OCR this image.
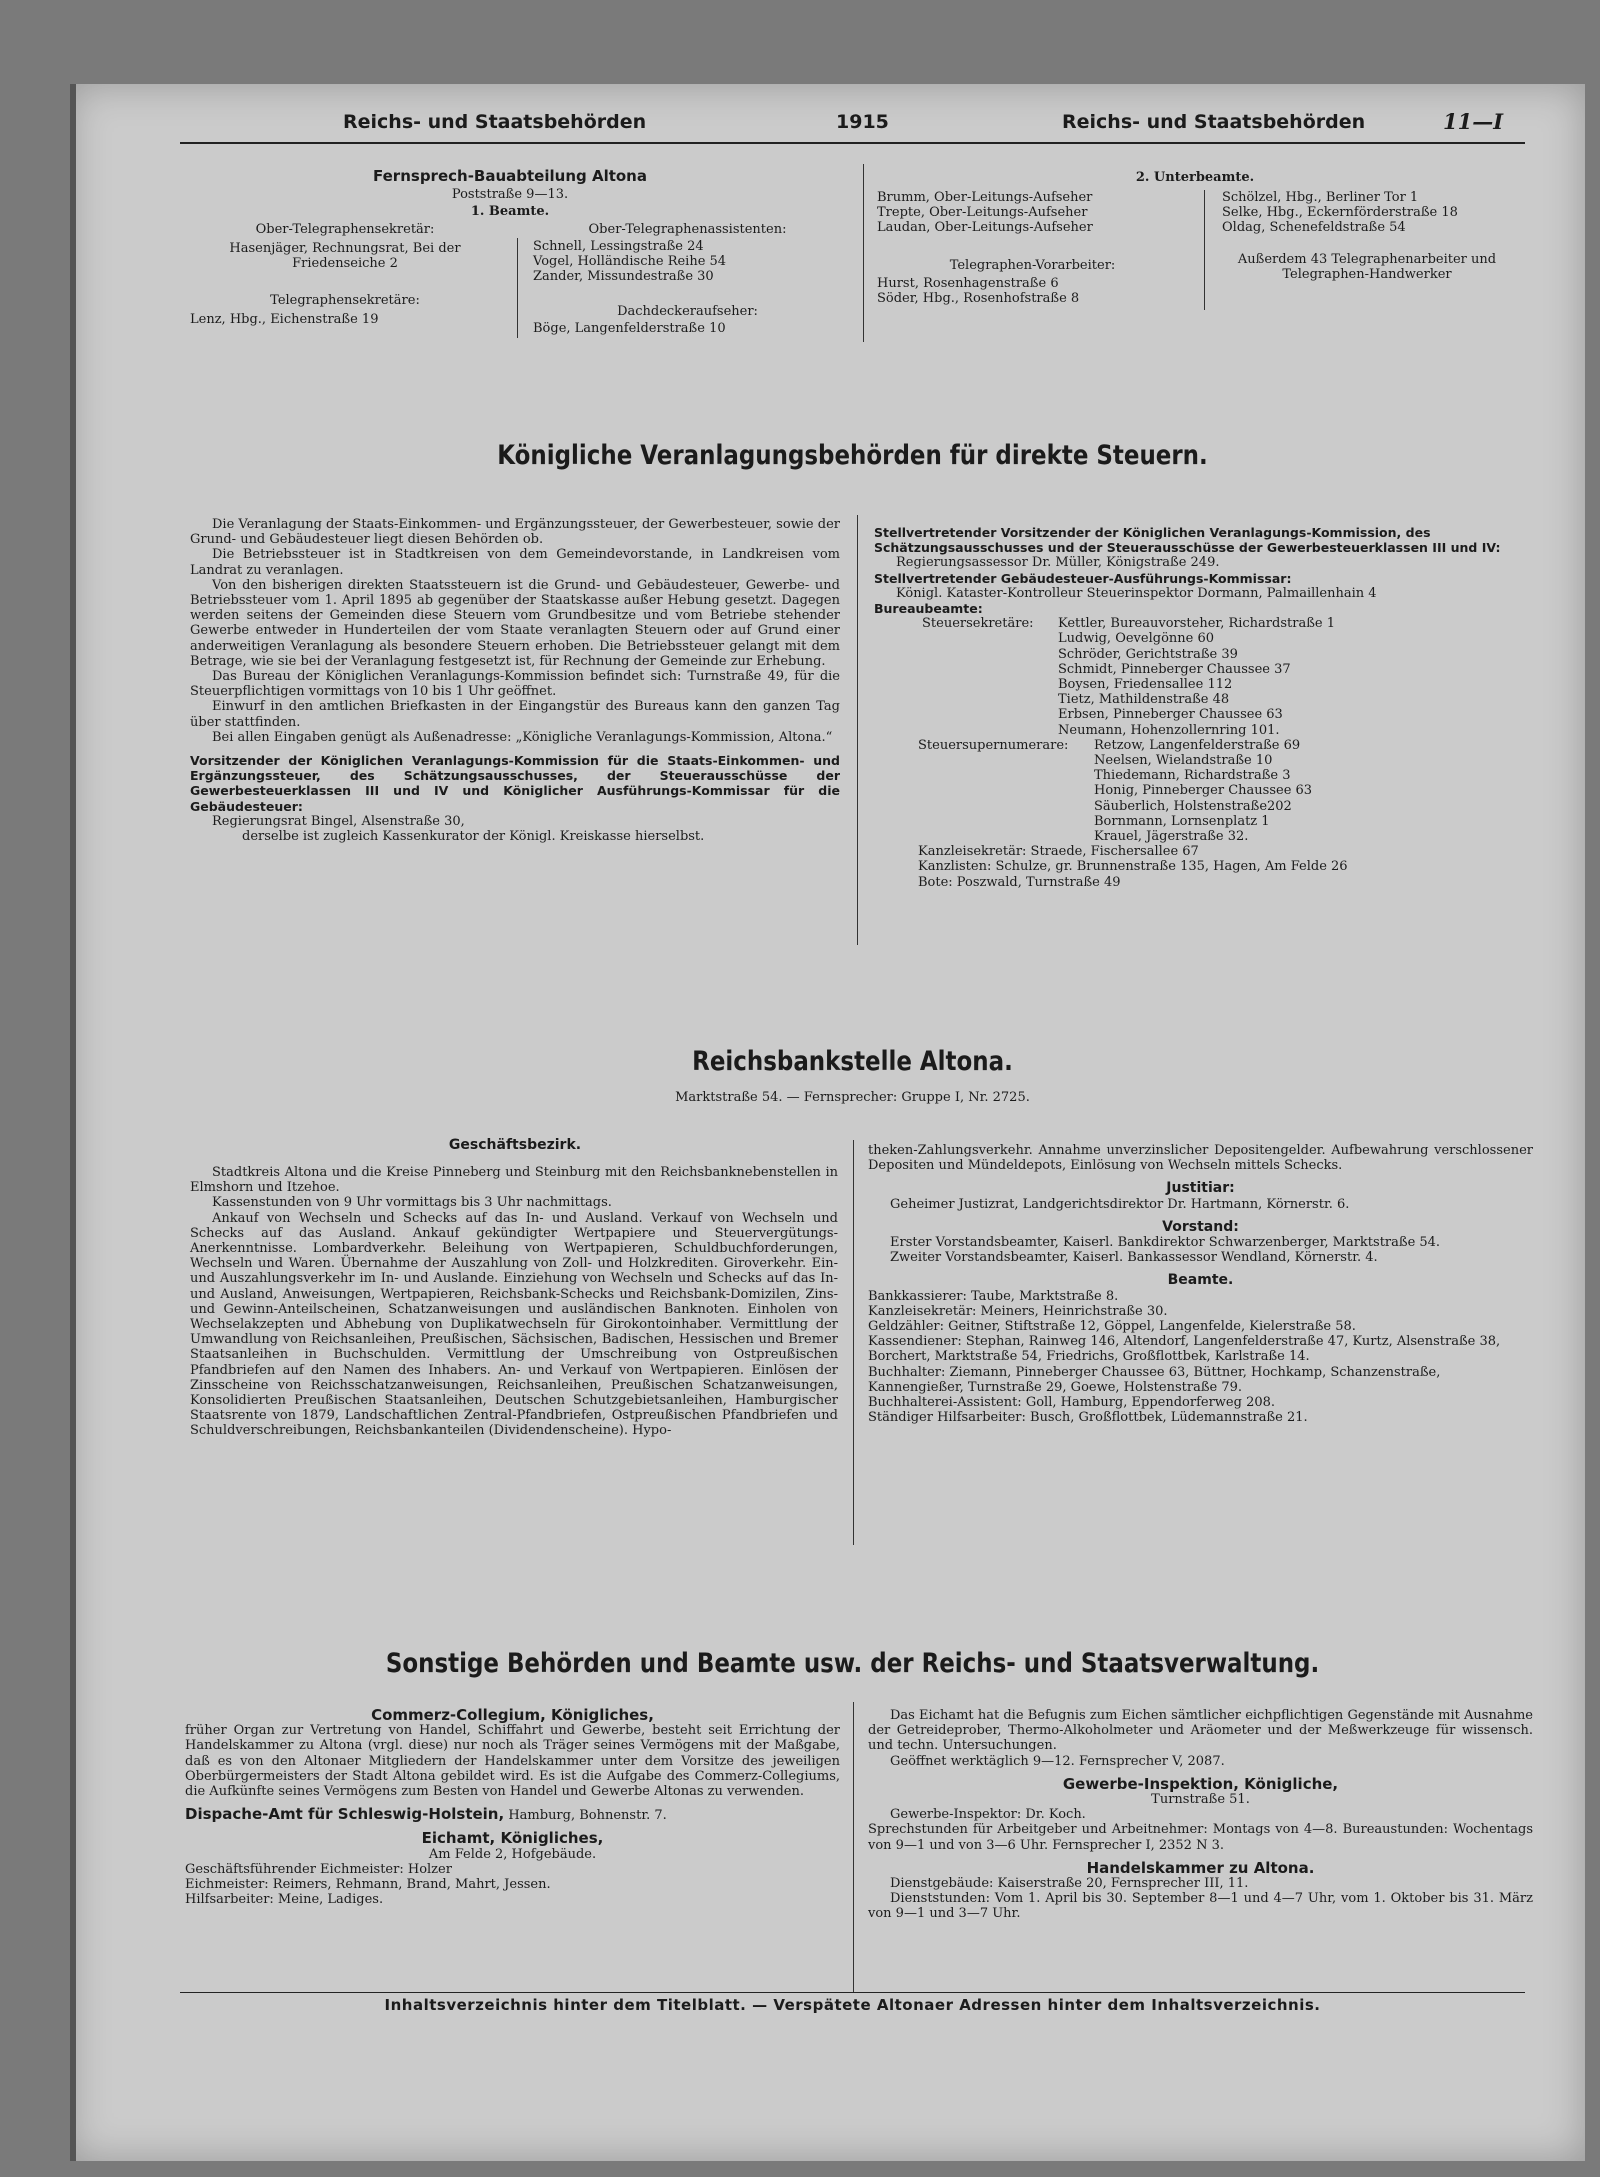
Reichs- und Staatsbehörden	1915	Reichs- und Staatsbehörden	11—I
Fernsprech-Bauabteilung Altona
Poststraße 9—13.
1. Beamte.
Ober-Telegraphensekretär:
Hasenjäger, Rechnungsrat, Bei der Friedenseiche 2
Telegraphensekretäre:
Lenz, Hbg., Eichenstraße 19
Ober-Telegraphenassistenten:
Schnell, Lessingstraße 24
Vogel, Holländische Reihe 54
Zander, Missundestraße 30
Dachdeckeraufseher:
Böge, Langenfelderstraße 10
2. Unterbeamte.
Brumm, Ober-Leitungs-Aufseher
Trepte, Ober-Leitungs-Aufseher
Laudan, Ober-Leitungs-Aufseher
Telegraphen-Vorarbeiter:
Hurst, Rosenhagenstraße 6
Söder, Hbg., Rosenhofstraße 8
Schölzel, Hbg., Berliner Tor 1
Selke, Hbg., Eckernförderstraße 18
Oldag, Schenefeldstraße 54
Außerdem 43 Telegraphenarbeiter und Telegraphen-Handwerker
Königliche Veranlagungsbehörden für direkte Steuern.
Die Veranlagung der Staats-Einkommen- und Ergänzungssteuer, der Gewerbesteuer, sowie der Grund- und Gebäudesteuer liegt diesen Behörden ob.
Die Betriebssteuer ist in Stadtkreisen von dem Gemeindevorstande, in Landkreisen vom Landrat zu veranlagen.
Von den bisherigen direkten Staatssteuern ist die Grund- und Gebäudesteuer, Gewerbe- und Betriebssteuer vom 1. April 1895 ab gegenüber der Staatskasse außer Hebung gesetzt. Dagegen werden seitens der Gemeinden diese Steuern vom Grundbesitze und vom Betriebe stehender Gewerbe entweder in Hunderteilen der vom Staate veranlagten Steuern oder auf Grund einer anderweitigen Veranlagung als besondere Steuern erhoben. Die Betriebssteuer gelangt mit dem Betrage, wie sie bei der Veranlagung festgesetzt ist, für Rechnung der Gemeinde zur Erhebung.
Das Bureau der Königlichen Veranlagungs-Kommission befindet sich: Turnstraße 49, für die Steuerpflichtigen vormittags von 10 bis 1 Uhr geöffnet.
Einwurf in den amtlichen Briefkasten in der Eingangstür des Bureaus kann den ganzen Tag über stattfinden.
Bei allen Eingaben genügt als Außenadresse: „Königliche Veranlagungs-Kommission, Altona.“
Vorsitzender der Königlichen Veranlagungs-Kommission für die Staats-Einkommen- und Ergänzungssteuer, des Schätzungsausschusses, der Steuerausschüsse der Gewerbesteuerklassen III und IV und Königlicher Ausführungs-Kommissar für die Gebäudesteuer:
Regierungsrat Bingel, Alsenstraße 30,
derselbe ist zugleich Kassenkurator der Königl. Kreiskasse hierselbst.
Stellvertretender Vorsitzender der Königlichen Veranlagungs-Kommission, des Schätzungsausschusses und der Steuerausschüsse der Gewerbesteuerklassen III und IV:
Regierungsassessor Dr. Müller, Königstraße 249.
Stellvertretender Gebäudesteuer-Ausführungs-Kommissar:
Königl. Kataster-Kontrolleur Steuerinspektor Dormann, Palmaillenhain 4
Bureaubeamte:
Steuersekretäre:	Kettler, Bureauvorsteher, Richardstraße 1
Ludwig, Oevelgönne 60
Schröder, Gerichtstraße 39
Schmidt, Pinneberger Chaussee 37
Boysen, Friedensallee 112
Tietz, Mathildenstraße 48
Erbsen, Pinneberger Chaussee 63
Neumann, Hohenzollernring 101.
Steuersupernumerare:	Retzow, Langenfelderstraße 69
Neelsen, Wielandstraße 10
Thiedemann, Richardstraße 3
Honig, Pinneberger Chaussee 63
Säuberlich, Holstenstraße202
Bornmann, Lornsenplatz 1
Krauel, Jägerstraße 32.
Kanzleisekretär: Straede, Fischersallee 67
Kanzlisten: Schulze, gr. Brunnenstraße 135, Hagen, Am Felde 26
Bote: Poszwald, Turnstraße 49
Reichsbankstelle Altona.
Marktstraße 54. — Fernsprecher: Gruppe I, Nr. 2725.
Geschäftsbezirk.
Stadtkreis Altona und die Kreise Pinneberg und Steinburg mit den Reichsbanknebenstellen in Elmshorn und Itzehoe.
Kassenstunden von 9 Uhr vormittags bis 3 Uhr nachmittags.
Ankauf von Wechseln und Schecks auf das In- und Ausland. Verkauf von Wechseln und Schecks auf das Ausland. Ankauf gekündigter Wertpapiere und Steuervergütungs-Anerkenntnisse. Lombardverkehr. Beleihung von Wertpapieren, Schuldbuchforderungen, Wechseln und Waren. Übernahme der Auszahlung von Zoll- und Holzkrediten. Giroverkehr. Ein- und Auszahlungsverkehr im In- und Auslande. Einziehung von Wechseln und Schecks auf das In- und Ausland, Anweisungen, Wertpapieren, Reichsbank-Schecks und Reichsbank-Domizilen, Zins- und Gewinn-Anteilscheinen, Schatzanweisungen und ausländischen Banknoten. Einholen von Wechselakzepten und Abhebung von Duplikatwechseln für Girokontoinhaber. Vermittlung der Umwandlung von Reichsanleihen, Preußischen, Sächsischen, Badischen, Hessischen und Bremer Staatsanleihen in Buchschulden. Vermittlung der Umschreibung von Ostpreußischen Pfandbriefen auf den Namen des Inhabers. An- und Verkauf von Wertpapieren. Einlösen der Zinsscheine von Reichsschatzanweisungen, Reichsanleihen, Preußischen Schatzanweisungen, Konsolidierten Preußischen Staatsanleihen, Deutschen Schutzgebietsanleihen, Hamburgischer Staatsrente von 1879, Landschaftlichen Zentral-Pfandbriefen, Ostpreußischen Pfandbriefen und Schuldverschreibungen, Reichsbankanteilen (Dividendenscheine). Hypo-
theken-Zahlungsverkehr. Annahme unverzinslicher Depositengelder. Aufbewahrung verschlossener Depositen und Mündeldepots, Einlösung von Wechseln mittels Schecks.
Justitiar:
Geheimer Justizrat, Landgerichtsdirektor Dr. Hartmann, Körnerstr. 6.
Vorstand:
Erster Vorstandsbeamter, Kaiserl. Bankdirektor Schwarzenberger, Marktstraße 54.
Zweiter Vorstandsbeamter, Kaiserl. Bankassessor Wendland, Körnerstr. 4.
Beamte.
Bankkassierer: Taube, Marktstraße 8.
Kanzleisekretär: Meiners, Heinrichstraße 30.
Geldzähler: Geitner, Stiftstraße 12, Göppel, Langenfelde, Kielerstraße 58.
Kassendiener: Stephan, Rainweg 146, Altendorf, Langenfelderstraße 47, Kurtz, Alsenstraße 38, Borchert, Marktstraße 54, Friedrichs, Großflottbek, Karlstraße 14.
Buchhalter: Ziemann, Pinneberger Chaussee 63, Büttner, Hochkamp, Schanzenstraße, Kannengießer, Turnstraße 29, Goewe, Holstenstraße 79.
Buchhalterei-Assistent: Goll, Hamburg, Eppendorferweg 208.
Ständiger Hilfsarbeiter: Busch, Großflottbek, Lüdemannstraße 21.
Sonstige Behörden und Beamte usw. der Reichs- und Staatsverwaltung.
Commerz-Collegium, Königliches,
früher Organ zur Vertretung von Handel, Schiffahrt und Gewerbe, besteht seit Errichtung der Handelskammer zu Altona (vrgl. diese) nur noch als Träger seines Vermögens mit der Maßgabe, daß es von den Altonaer Mitgliedern der Handelskammer unter dem Vorsitze des jeweiligen Oberbürgermeisters der Stadt Altona gebildet wird. Es ist die Aufgabe des Commerz-Collegiums, die Aufkünfte seines Vermögens zum Besten von Handel und Gewerbe Altonas zu verwenden.
Dispache-Amt für Schleswig-Holstein, Hamburg, Bohnenstr. 7.
Eichamt, Königliches,
Am Felde 2, Hofgebäude.
Geschäftsführender Eichmeister: Holzer
Eichmeister: Reimers, Rehmann, Brand, Mahrt, Jessen.
Hilfsarbeiter: Meine, Ladiges.
Das Eichamt hat die Befugnis zum Eichen sämtlicher eichpflichtigen Gegenstände mit Ausnahme der Getreideprober, Thermo-Alkoholmeter und Aräometer und der Meßwerkzeuge für wissensch. und techn. Untersuchungen.
Geöffnet werktäglich 9—12. Fernsprecher V, 2087.
Gewerbe-Inspektion, Königliche,
Turnstraße 51.
Gewerbe-Inspektor: Dr. Koch.
Sprechstunden für Arbeitgeber und Arbeitnehmer: Montags von 4—8. Bureaustunden: Wochentags von 9—1 und von 3—6 Uhr. Fernsprecher I, 2352 N 3.
Handelskammer zu Altona.
Dienstgebäude: Kaiserstraße 20, Fernsprecher III, 11.
Dienststunden: Vom 1. April bis 30. September 8—1 und 4—7 Uhr, vom 1. Oktober bis 31. März von 9—1 und 3—7 Uhr.
Inhaltsverzeichnis hinter dem Titelblatt. — Verspätete Altonaer Adressen hinter dem Inhaltsverzeichnis.
